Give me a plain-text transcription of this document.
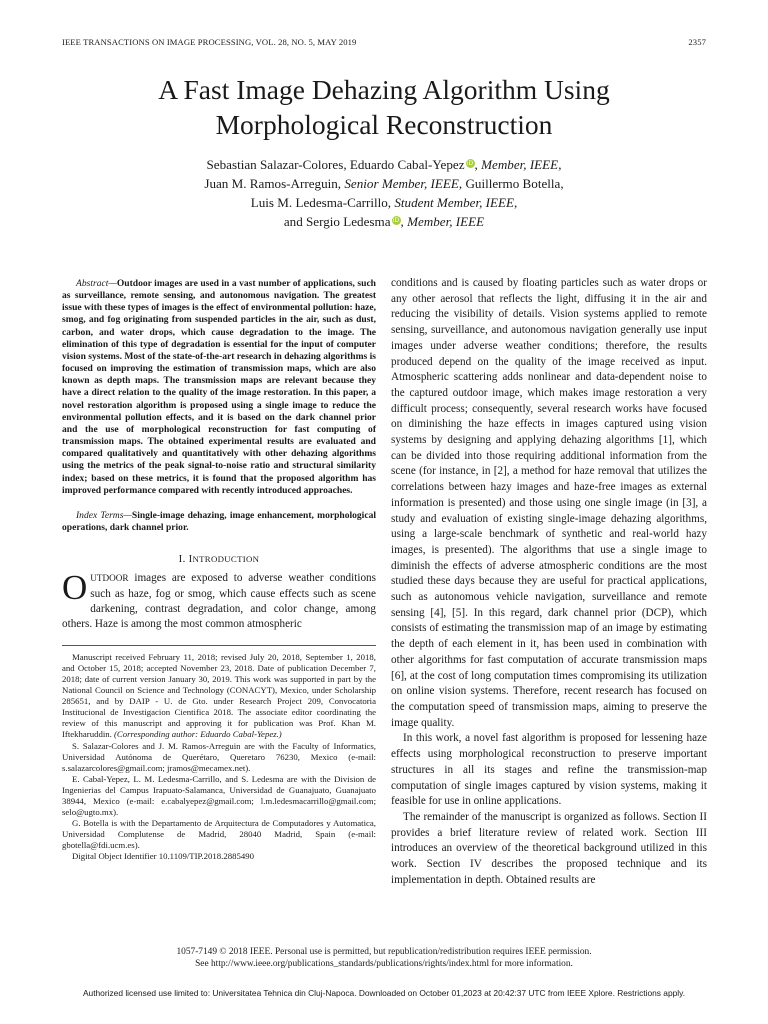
IEEE TRANSACTIONS ON IMAGE PROCESSING, VOL. 28, NO. 5, MAY 2019	2357
A Fast Image Dehazing Algorithm Using
Morphological Reconstruction
Sebastian Salazar-Colores, Eduardo Cabal-Yepez iD, Member, IEEE,
Juan M. Ramos-Arreguin, Senior Member, IEEE, Guillermo Botella,
Luis M. Ledesma-Carrillo, Student Member, IEEE,
and Sergio Ledesma iD, Member, IEEE

Abstract—Outdoor images are used in a vast number of applications, such as surveillance, remote sensing, and autonomous navigation. The greatest issue with these types of images is the effect of environmental pollution: haze, smog, and fog originating from suspended particles in the air, such as dust, carbon, and water drops, which cause degradation to the image. The elimination of this type of degradation is essential for the input of computer vision systems. Most of the state-of-the-art research in dehazing algorithms is focused on improving the estimation of transmission maps, which are also known as depth maps. The transmission maps are relevant because they have a direct relation to the quality of the image restoration. In this paper, a novel restoration algorithm is proposed using a single image to reduce the environmental pollution effects, and it is based on the dark channel prior and the use of morphological reconstruction for fast computing of transmission maps. The obtained experimental results are evaluated and compared qualitatively and quantitatively with other dehazing algorithms using the metrics of the peak signal-to-noise ratio and structural similarity index; based on these metrics, it is found that the proposed algorithm has improved performance compared with recently introduced approaches.

Index Terms—Single-image dehazing, image enhancement, morphological operations, dark channel prior.

I. INTRODUCTION

OUTDOOR images are exposed to adverse weather conditions such as haze, fog or smog, which cause effects such as scene darkening, contrast degradation, and color change, among others. Haze is among the most common atmospheric

Manuscript received February 11, 2018; revised July 20, 2018, September 1, 2018, and October 15, 2018; accepted November 23, 2018. Date of publication December 7, 2018; date of current version January 30, 2019. This work was supported in part by the National Council on Science and Technology (CONACYT), Mexico, under Scholarship 285651, and by DAIP - U. de Gto. under Research Project 209, Convocatoria Institucional de Investigacion Cientifica 2018. The associate editor coordinating the review of this manuscript and approving it for publication was Prof. Khan M. Iftekharuddin. (Corresponding author: Eduardo Cabal-Yepez.)

S. Salazar-Colores and J. M. Ramos-Arreguin are with the Faculty of Informatics, Universidad Autónoma de Querétaro, Queretaro 76230, Mexico (e-mail: s.salazarcolores@gmail.com; jramos@mecamex.net).

E. Cabal-Yepez, L. M. Ledesma-Carrillo, and S. Ledesma are with the Division de Ingenierias del Campus Irapuato-Salamanca, Universidad de Guanajuato, Guanajuato 38944, Mexico (e-mail: e.cabalyepez@gmail.com; l.m.ledesmacarrillo@gmail.com; selo@ugto.mx).

G. Botella is with the Departamento de Arquitectura de Computadores y Automatica, Universidad Complutense de Madrid, 28040 Madrid, Spain (e-mail: gbotella@fdi.ucm.es).

Digital Object Identifier 10.1109/TIP.2018.2885490

conditions and is caused by floating particles such as water drops or any other aerosol that reflects the light, diffusing it in the air and reducing the visibility of details. Vision systems applied to remote sensing, surveillance, and autonomous navigation generally use input images under adverse weather conditions; therefore, the results produced depend on the quality of the image received as input. Atmospheric scattering adds nonlinear and data-dependent noise to the captured outdoor image, which makes image restoration a very difficult process; consequently, several research works have focused on diminishing the haze effects in images captured using vision systems by designing and applying dehazing algorithms [1], which can be divided into those requiring additional information from the scene (for instance, in [2], a method for haze removal that utilizes the correlations between hazy images and haze-free images as external information is presented) and those using one single image (in [3], a study and evaluation of existing single-image dehazing algorithms, using a large-scale benchmark of synthetic and real-world hazy images, is presented). The algorithms that use a single image to diminish the effects of adverse atmospheric conditions are the most studied these days because they are useful for practical applications, such as autonomous vehicle navigation, surveillance and remote sensing [4], [5]. In this regard, dark channel prior (DCP), which consists of estimating the transmission map of an image by estimating the depth of each element in it, has been used in combination with other algorithms for fast computation of accurate transmission maps [6], at the cost of long computation times compromising its utilization on online vision systems. Therefore, recent research has focused on the computation speed of transmission maps, aiming to preserve the image quality.

In this work, a novel fast algorithm is proposed for lessening haze effects using morphological reconstruction to preserve important structures in all its stages and refine the transmission-map computation of single images captured by vision systems, making it feasible for use in online applications.

The remainder of the manuscript is organized as follows. Section II provides a brief literature review of related work. Section III introduces an overview of the theoretical background utilized in this work. Section IV describes the proposed technique and its implementation in depth. Obtained results are

1057-7149 © 2018 IEEE. Personal use is permitted, but republication/redistribution requires IEEE permission.
See http://www.ieee.org/publications_standards/publications/rights/index.html for more information.
Authorized licensed use limited to: Universitatea Tehnica din Cluj-Napoca. Downloaded on October 01,2023 at 20:42:37 UTC from IEEE Xplore. Restrictions apply.
